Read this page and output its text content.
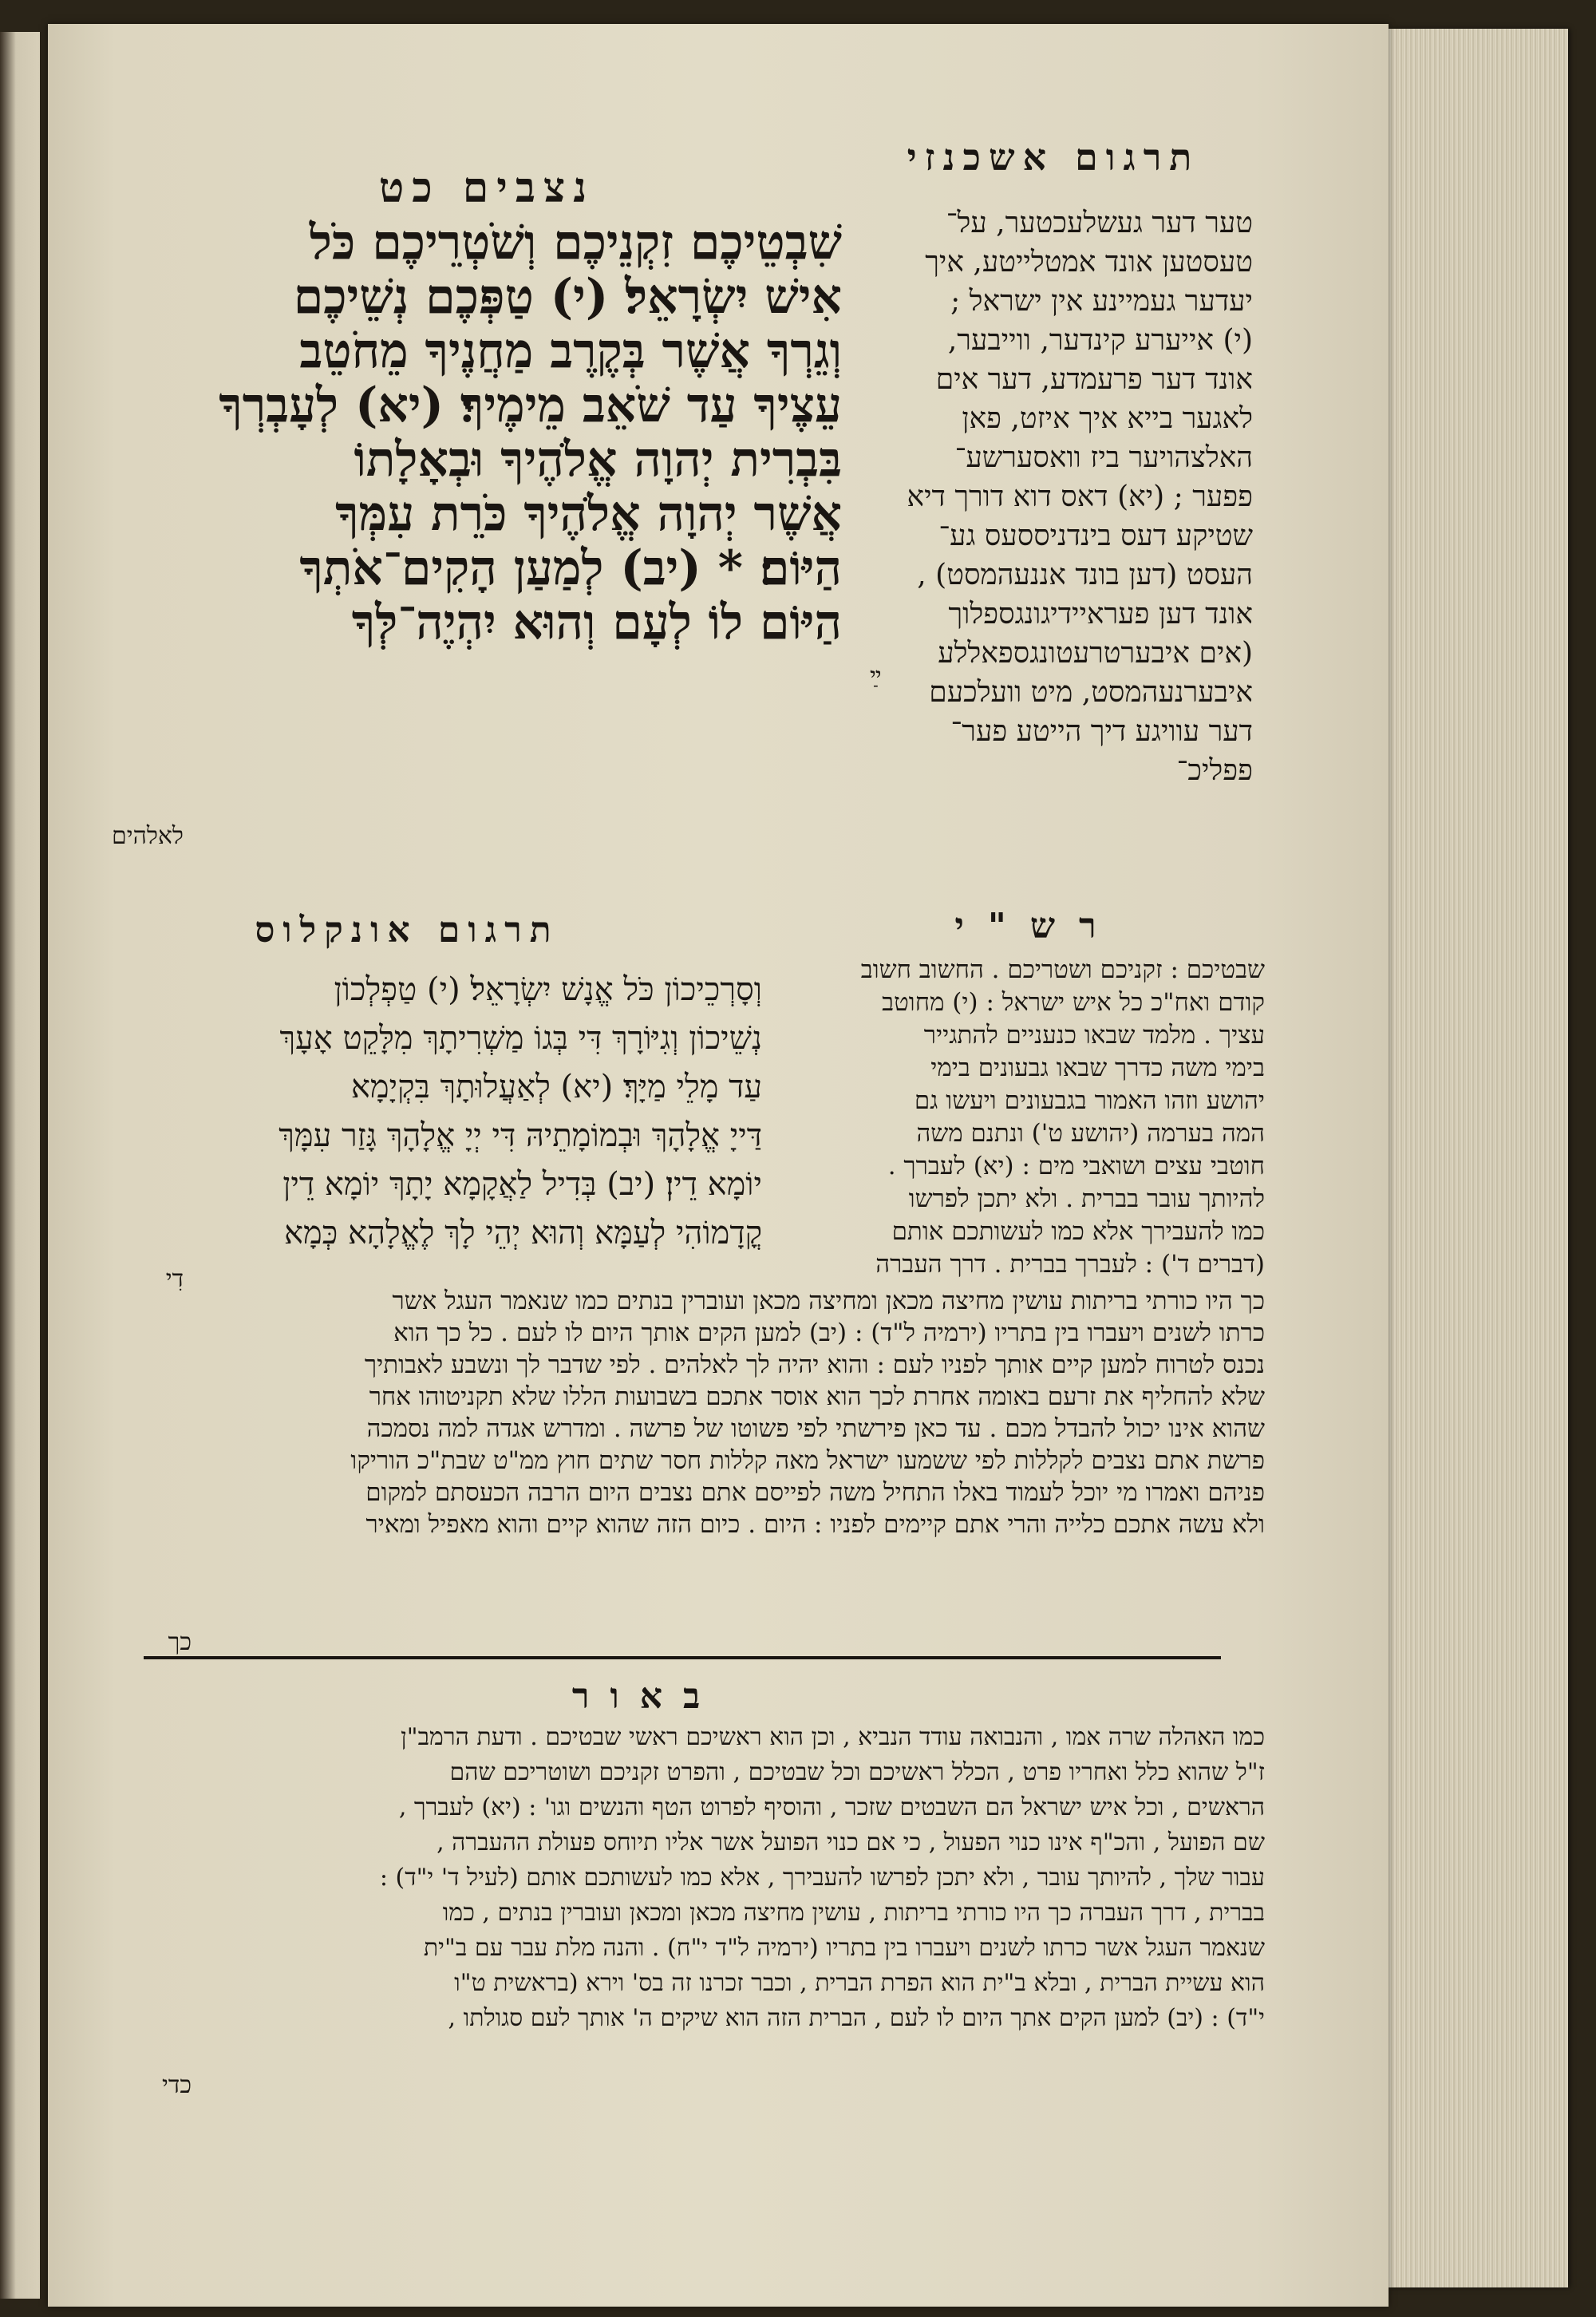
תרגום אשכנזי

נצבים כט

שִׁבְטֵיכֶם זִקְנֵיכֶם וְשֹׁטְרֵיכֶם כֹּל
אִישׁ יִשְׂרָאֵל׃ (י) טַפְּכֶם נְשֵׁיכֶם
וְגֵרְךָ אֲשֶׁר בְּקֶרֶב מַחֲנֶיךָ מֵחֹטֵב
עֵצֶיךָ עַד שֹׁאֵב מֵימֶיךָ׃ (יא) לְעָבְרְךָ
בִּבְרִית יְהוָה אֱלֹהֶיךָ וּבְאָלָתוֹ
אֲשֶׁר יְהוָה אֱלֹהֶיךָ כֹּרֵת עִמְּךָ
הַיּוֹם׃ * (יב) לְמַעַן הָקִים־אֹתְךָ
הַיּוֹם לוֹ לְעָם וְהוּא יִהְיֶה־לְּךָ
ײַ
לאלהים
טער דער געשלעכטער, על־
טעסטען אונד אמטלייטע, איך
יעדער געמיינע אין ישראל ;
(י) אייערע קינדער, ווייבער,
אונד דער פרעמדע, דער אים
לאגער בייא איך איזט, פאן
האלצהויער ביז וואסערשע־
פפער ; (יא) דאס דוא דורך דיא
שטיקע דעס בינדניססעס גע־
העסט (דען בונד אננעהמסט) ,
אונד דען פעראיידיגונגספלוך
(אים איבערטרעטונגספאללע
איבערנעהמסט, מיט וועלכעם
דער עוויגע דיך הייטע פער־
פפליכ־

תרגום אונקלוס

וְסָרְכֵיכוֹן כֹּל אֱנָשׁ יִשְׂרָאֵל׃ (י) טַפְלְכוֹן
נְשֵׁיכוֹן וְגִיּוֹרָךְ דִּי בְּגוֹ מַשְׁרִיתָךְ מִלָּקֵט אָעָךְ
עַד מָלֵי מַיָּךְ׃ (יא) לְאַעֲלוּתָךְ בִּקְיָמָא
דַּייָ אֱלָהָךְ וּבְמוֹמָתֵיהּ דִּי יְיָ אֱלָהָךְ גָּזַר עִמָּךְ
יוֹמָא דֵין׃ (יב) בְּדִיל לַאֲקָמָא יָתָךְ יוֹמָא דֵין
קֳדָמוֹהִי לְעַמָּא וְהוּא יְהֵי לָךְ לֶאֱלָהָא כְּמָא
דִי

רש"י

שבטיכם : זקניכם ושטריכם . החשוב חשוב
קודם ואח"כ כל איש ישראל : (י) מחוטב
עציך . מלמד שבאו כנעניים להתגייר
בימי משה כדרך שבאו גבעונים בימי
יהושע וזהו האמור בגבעונים ויעשו גם
המה בערמה (יהושע ט') ונתנם משה
חוטבי עצים ושואבי מים : (יא) לעברך .
להיותך עובר בברית . ולא יתכן לפרשו
כמו להעבירך אלא כמו לעשותכם אותם
(דברים ד') : לעברך בברית . דרך העברה
כך היו כורתי בריתות עושין מחיצה מכאן ומחיצה מכאן ועוברין בנתים כמו שנאמר העגל אשר
כרתו לשנים ויעברו בין בתריו (ירמיה ל"ד) : (יב) למען הקים אותך היום לו לעם . כל כך הוא
נכנס לטרוח למען קיים אותך לפניו לעם : והוא יהיה לך לאלהים . לפי שדבר לך ונשבע לאבותיך
שלא להחליף את זרעם באומה אחרת לכך הוא אוסר אתכם בשבועות הללו שלא תקניטוהו אחר
שהוא אינו יכול להבדל מכם . עד כאן פירשתי לפי פשוטו של פרשה . ומדרש אגדה למה נסמכה
פרשת אתם נצבים לקללות לפי ששמעו ישראל מאה קללות חסר שתים חוץ ממ"ט שבת"כ הוריקו
פניהם ואמרו מי יוכל לעמוד באלו התחיל משה לפייסם אתם נצבים היום הרבה הכעסתם למקום
ולא עשה אתכם כלייה והרי אתם קיימים לפניו : היום . כיום הזה שהוא קיים והוא מאפיל ומאיר
כך

באור

כמו האהלה שרה אמו , והנבואה עודד הנביא , וכן הוא ראשיכם ראשי שבטיכם . ודעת הרמב"ן
ז"ל שהוא כלל ואחריו פרט , הכלל ראשיכם וכל שבטיכם , והפרט זקניכם ושוטריכם שהם
הראשים , וכל איש ישראל הם השבטים שזכר , והוסיף לפרוט הטף והנשים וגו' : (יא) לעברך ,
שם הפועל , והכ"ף אינו כנוי הפעול , כי אם כנוי הפועל אשר אליו תיוחס פעולת ההעברה ,
עבור שלך , להיותך עובר , ולא יתכן לפרשו להעבירך , אלא כמו לעשותכם אותם (לעיל ד' י"ד) :
בברית , דרך העברה כך היו כורתי בריתות , עושין מחיצה מכאן ומכאן ועוברין בנתים , כמו
שנאמר העגל אשר כרתו לשנים ויעברו בין בתריו (ירמיה ל"ד י"ח) . והנה מלת עבר עם ב"ית
הוא עשיית הברית , ובלא ב"ית הוא הפרת הברית , וכבר זכרנו זה בס' וירא (בראשית ט"ו
י"ד) : (יב) למען הקים אתך היום לו לעם , הברית הזה הוא שיקים ה' אותך לעם סגולתו ,
כדי
